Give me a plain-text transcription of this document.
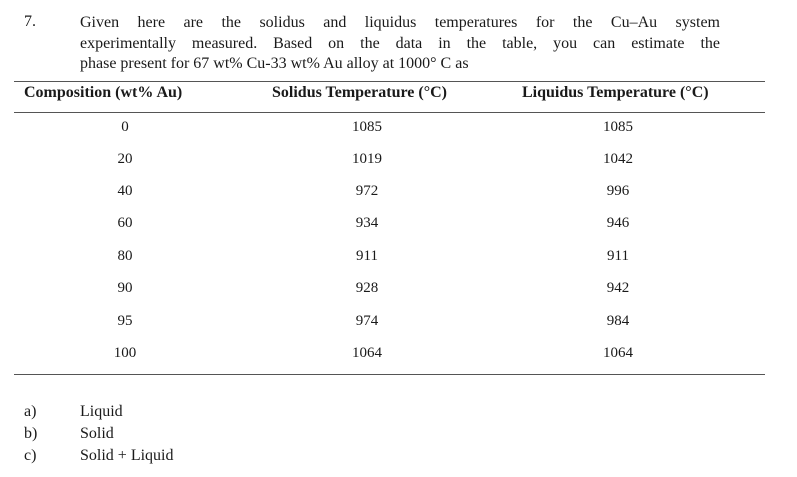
7.	Given here are the solidus and liquidus temperatures for the Cu–Au system
experimentally measured. Based on the data in the table, you can estimate the
phase present for 67 wt% Cu-33 wt% Au alloy at 1000° C as
Composition (wt% Au)	Solidus Temperature (°C)	Liquidus Temperature (°C)
0	1085	1085
20	1019	1042
40	972	996
60	934	946
80	911	911
90	928	942
95	974	984
100	1064	1064
a)	Liquid
b)	Solid
c)	Solid + Liquid
